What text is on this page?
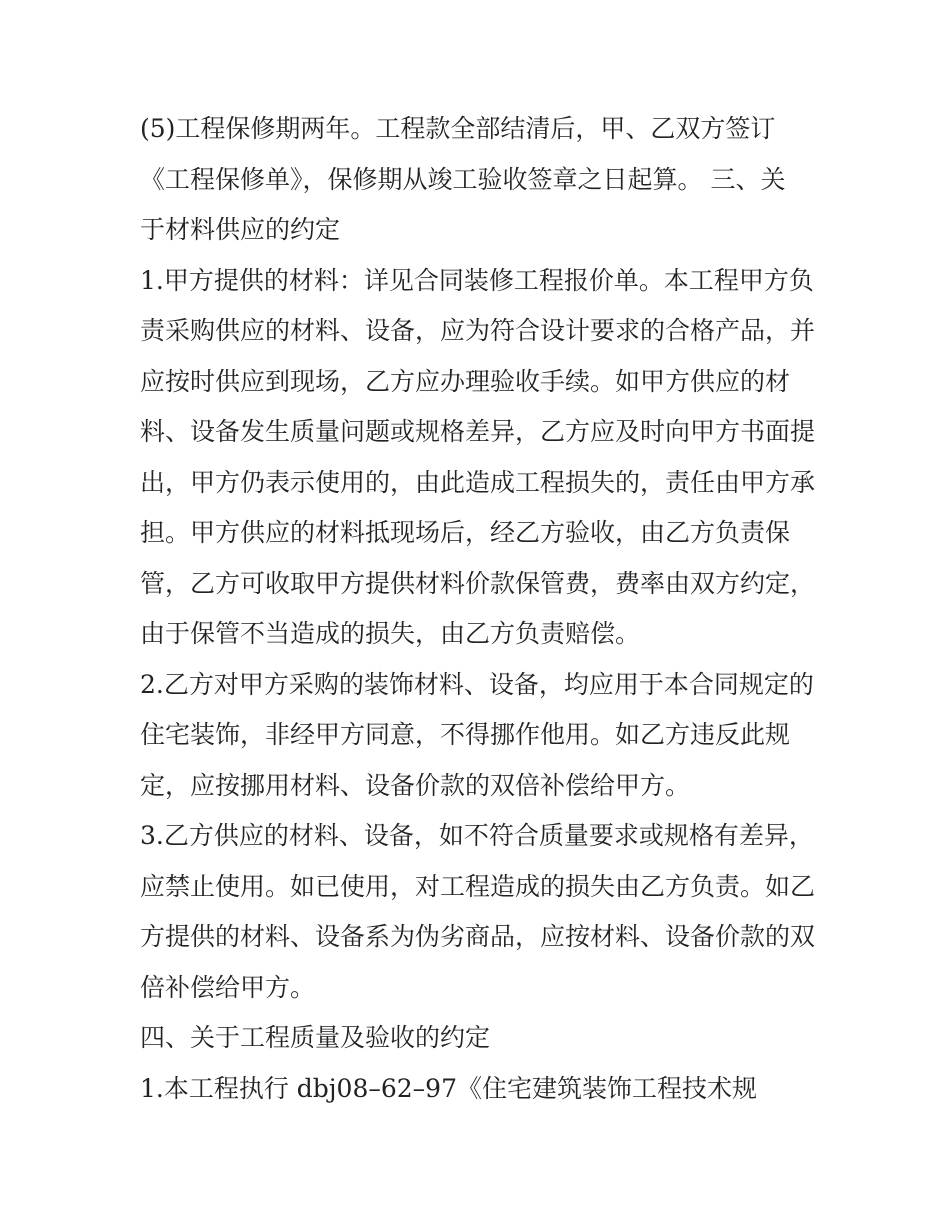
(5)工程保修期两年。工程款全部结清后，甲、乙双方签订
《工程保修单》，保修期从竣工验收签章之日起算。 三、关
于材料供应的约定
1.甲方提供的材料：详见合同装修工程报价单。本工程甲方负
责采购供应的材料、设备，应为符合设计要求的合格产品，并
应按时供应到现场，乙方应办理验收手续。如甲方供应的材
料、设备发生质量问题或规格差异，乙方应及时向甲方书面提
出，甲方仍表示使用的，由此造成工程损失的，责任由甲方承
担。甲方供应的材料抵现场后，经乙方验收，由乙方负责保
管，乙方可收取甲方提供材料价款保管费，费率由双方约定，
由于保管不当造成的损失，由乙方负责赔偿。
2.乙方对甲方采购的装饰材料、设备，均应用于本合同规定的
住宅装饰，非经甲方同意，不得挪作他用。如乙方违反此规
定，应按挪用材料、设备价款的双倍补偿给甲方。
3.乙方供应的材料、设备，如不符合质量要求或规格有差异，
应禁止使用。如已使用，对工程造成的损失由乙方负责。如乙
方提供的材料、设备系为伪劣商品，应按材料、设备价款的双
倍补偿给甲方。
四、关于工程质量及验收的约定
1.本工程执行 dbj08–62–97《住宅建筑装饰工程技术规
